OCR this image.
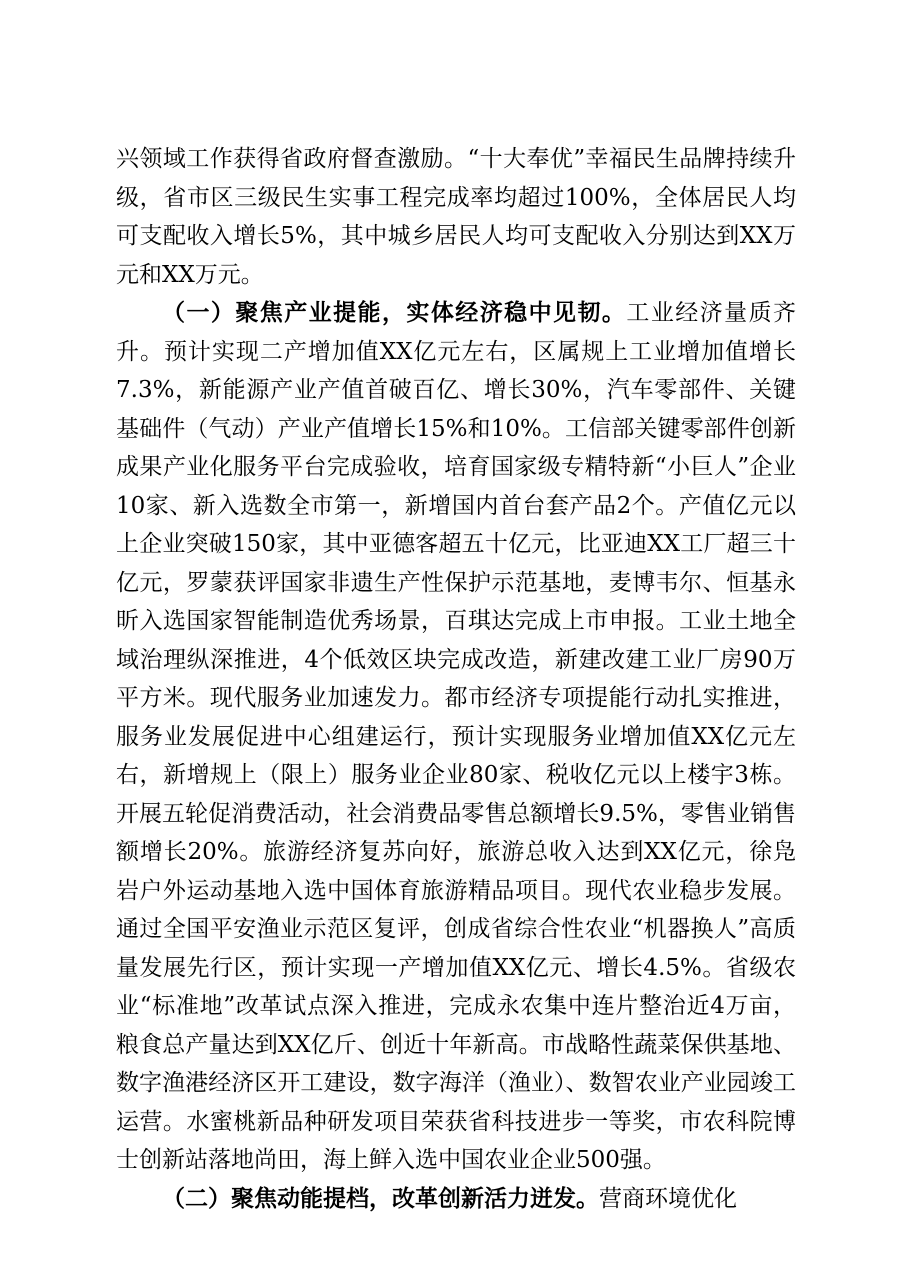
兴领域工作获得省政府督查激励。“十大奉优”幸福民生品牌持续升级，省市区三级民生实事工程完成率均超过100%，全体居民人均可支配收入增长5%，其中城乡居民人均可支配收入分别达到XX万元和XX万元。

（一）聚焦产业提能，实体经济稳中见韧。工业经济量质齐升。预计实现二产增加值XX亿元左右，区属规上工业增加值增长7.3%，新能源产业产值首破百亿、增长30%，汽车零部件、关键基础件（气动）产业产值增长15%和10%。工信部关键零部件创新成果产业化服务平台完成验收，培育国家级专精特新“小巨人”企业10家、新入选数全市第一，新增国内首台套产品2个。产值亿元以上企业突破150家，其中亚德客超五十亿元，比亚迪XX工厂超三十亿元，罗蒙获评国家非遗生产性保护示范基地，麦博韦尔、恒基永昕入选国家智能制造优秀场景，百琪达完成上市申报。工业土地全域治理纵深推进，4个低效区块完成改造，新建改建工业厂房90万平方米。现代服务业加速发力。都市经济专项提能行动扎实推进，服务业发展促进中心组建运行，预计实现服务业增加值XX亿元左右，新增规上（限上）服务业企业80家、税收亿元以上楼宇3栋。开展五轮促消费活动，社会消费品零售总额增长9.5%，零售业销售额增长20%。旅游经济复苏向好，旅游总收入达到XX亿元，徐凫岩户外运动基地入选中国体育旅游精品项目。现代农业稳步发展。通过全国平安渔业示范区复评，创成省综合性农业“机器换人”高质量发展先行区，预计实现一产增加值XX亿元、增长4.5%。省级农业“标准地”改革试点深入推进，完成永农集中连片整治近4万亩，粮食总产量达到XX亿斤、创近十年新高。市战略性蔬菜保供基地、数字渔港经济区开工建设，数字海洋（渔业）、数智农业产业园竣工运营。水蜜桃新品种研发项目荣获省科技进步一等奖，市农科院博士创新站落地尚田，海上鲜入选中国农业企业500强。

（二）聚焦动能提档，改革创新活力迸发。营商环境优化
